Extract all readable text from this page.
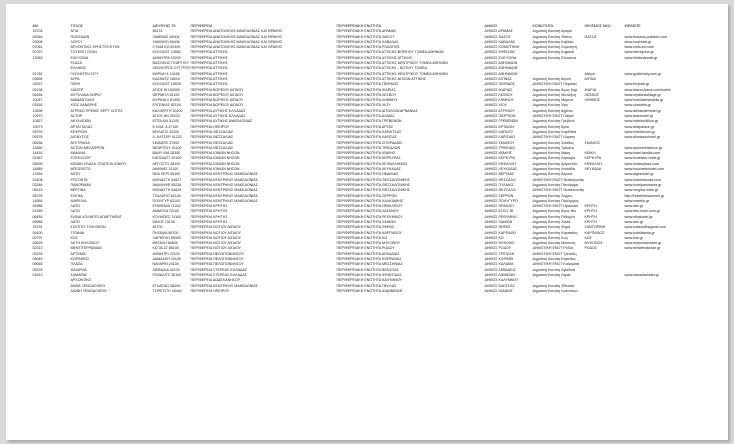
ΑΜ	ΤΙΤΛΟΣ	ΔΙΕΥΘΥΝΣ ΤΚ	ΠΕΡΙΦΕΡΕΙΑ	ΠΕΡΙΦΕΡΕΙΑΚΗ ΕΝΟΤΗΤΑ	ΔΗΜΟΣ	ΚΟΙΝΟΤΗΤΑ	ΟΙΚΙΣΜΟΣ ΝΚΟ	WEBSITE
15704	ΑΓΙΑ	66131	ΠΕΡΙΦΕΡΕΙΑ ΑΝΑΤΟΛΙΚΗΣ ΜΑΚΕΔΟΝΙΑΣ ΚΑΙ ΘΡΑΚΗΣ	ΠΕΡΙΦΕΡΕΙΑΚΗ ΕΝΟΤΗΤΑ ΔΡΑΜΑΣ	ΔΗΜΟΣ ΔΡΑΜΑΣ	Δημοτική Κοινότη Δράμα		
05346	ΠΟΣΕΙΔΩΝ	ΛΙΜΕΝΑΣ 64004	ΠΕΡΙΦΕΡΕΙΑ ΑΝΑΤΟΛΙΚΗΣ ΜΑΚΕΔΟΝΙΑΣ ΚΑΙ ΘΡΑΚΗΣ	ΠΕΡΙΦΕΡΕΙΑΚΗ ΕΝΟΤΗΤΑ ΘΑΣΟΥ	ΔΗΜΟΣ ΘΑΣΟΥ	Δημοτική Κοινότη Θάσος	ΘΑΣΟΣ	www.thassos-posidon.com
03908	ΛΟΥΣΥ	ΥΑΚΙΝΘΟ 65406	ΠΕΡΙΦΕΡΕΙΑ ΑΝΑΤΟΛΙΚΗΣ ΜΑΚΕΔΟΝΙΑΣ ΚΑΙ ΘΡΑΚΗΣ	ΠΕΡΙΦΕΡΕΙΑΚΗ ΕΝΟΤΗΤΑ ΚΑΒΑΛΑΣ	ΔΗΜΟΣ ΚΑΒΑΛΑΣ	Δημοτική Κοινότη Καβάλα		www.lucyhotel.gr
07081	ΑΡΧΟΝΤΙΚΟ ΧΡΗΣΤΟΥ-ΕΥΗΣ	3 ΧΛΜ ΚΟ 69100	ΠΕΡΙΦΕΡΕΙΑ ΑΝΑΤΟΛΙΚΗΣ ΜΑΚΕΔΟΝΙΑΣ ΚΑΙ ΘΡΑΚΗΣ	ΠΕΡΙΦΕΡΕΙΑΚΗ ΕΝΟΤΗΤΑ ΡΟΔΟΠΗΣ	ΔΗΜΟΣ ΚΟΜΟΤΗΝΗ	Δημοτική Κοινότη Κομοτηνή		www.chris-evi.com
00767	ΤΟΥΕΝΤΙ ΟΥΑΝ	ΚΟΛΟΚΟΤ 14562	ΠΕΡΙΦΕΡΕΙΑ ΑΤΤΙΚΗΣ	ΠΕΡΙΦΕΡΕΙΑΚΗ ΕΝΟΤΗΤΑ ΑΤΤΙΚΗΣ-ΒΟΡΕΙΟΥ ΤΟΜΕΑ ΑΘΗΝΩΝ	ΔΗΜΟΣ ΚΗΦΙΣΙΑΣ	Δημοτική Κοινότη Κηφισιά		www.twentyone.gr
13963	ΕΛΕΥΣΙΝΑ	ΔΗΜΗΤΡΑ 19200	ΠΕΡΙΦΕΡΕΙΑ ΑΤΤΙΚΗΣ	ΠΕΡΙΦΕΡΕΙΑΚΗ ΕΝΟΤΗΤΑ ΔΥΤΙΚΗΣ ΑΤΤΙΚΗΣ	ΔΗΜΟΣ ΕΛΕΥΣΙΝΑ	Δημοτική Κοινότη Ελευσίνα		www.elefsinahotel.gr
	PLAZA	ΒΑΣΙΛΕΩΣ ΓΕΩΡΓΙΟΥ	ΠΕΡΙΦΕΡΕΙΑ ΑΤΤΙΚΗΣ	ΠΕΡΙΦΕΡΕΙΑΚΗ ΕΝΟΤΗΤΑ ΑΤΤΙΚΗΣ-ΚΕΝΤΡΙΚΟΥ ΤΟΜΕΑ ΑΘΗΝΩΝ	ΔΗΜΟΣ ΑΘΗΝΑΙΩΝ			
	ΕΛΛΗΝΙΣ	ΛΕΩΦΟΡΟΣ ΣΥΓΓΡΟΥ	ΠΕΡΙΦΕΡΕΙΑ ΑΤΤΙΚΗΣ	ΠΕΡΙΦΕΡΕΙΑΚΗ ΕΝΟΤΗΤΑ ΑΤΤΙΚΗΣ - ΝΟΤΙΟΥ ΤΟΜΕΑ	ΔΗΜΟΣ ΑΘΗΝΑΙΩΝ			
01782	ΓΚΟΛΝΤΕΝ ΣΙΤΥ	ΜΑΡΝΗ 4 10438	ΠΕΡΙΦΕΡΕΙΑ ΑΤΤΙΚΗΣ	ΠΕΡΙΦΕΡΕΙΑΚΗ ΕΝΟΤΗΤΑ ΑΤΤΙΚΗΣ-ΚΕΝΤΡΙΚΟΥ ΤΟΜΕΑ ΑΘΗΝΩΝ	ΔΗΜΟΣ ΑΘΗΝΑΙΩΝ		Αθήνα	www.goldencity.com.gr
03694	ΑΥΡΑ	ΚΑΖΑΝΤΖ 18010	ΠΕΡΙΦΕΡΕΙΑ ΑΤΤΙΚΗΣ	ΠΕΡΙΦΕΡΕΙΑΚΗ ΕΝΟΤΗΤΑ ΑΤΤΙΚΗΣ-ΝΗΣΩΝ ΑΤΤΙΚΗΣ	ΔΗΜΟΣ ΑΙΓΙΝΑΣ	Δημοτική Κοινότη Αίγινα	ΑΙΓΙΝΑ	
03927	ΠΑΡΚ	ΚΟΛΟΚΟΤ 18535	ΠΕΡΙΦΕΡΕΙΑ ΑΤΤΙΚΗΣ	ΠΕΡΙΦΕΡΕΙΑΚΗ ΕΝΟΤΗΤΑ ΠΕΙΡΑΙΩΣ	ΔΗΜΟΣ ΠΕΙΡΑΙΩΣ	ΔΗΜΟΤΙΚΗ ΕΝΟΤ Πειραιάς		www.thepark.gr
09138	ΧΑΙΖΕΡ	ΑΓΙΟΣ ΚΗ 83300	ΠΕΡΙΦΕΡΕΙΑ ΒΟΡΕΙΟΥ ΑΙΓΑΙΟΥ	ΠΕΡΙΦΕΡΕΙΑΚΗ ΕΝΟΤΗΤΑ ΙΚΑΡΙΑΣ	ΔΗΜΟΣ ΙΚΑΡΙΑΣ	Δημοτική Κοινότη Άγιος Κηρ	ΙΚΑΡΙΑ	www.island-ikaria.com/hotels
06184	ΜΥΤΙΛΑΝΑ ΧΩΡΙΟ	ΘΕΡΜΗ Λ 81100	ΠΕΡΙΦΕΡΕΙΑ ΒΟΡΕΙΟΥ ΑΙΓΑΙΟΥ	ΠΕΡΙΦΕΡΕΙΑΚΗ ΕΝΟΤΗΤΑ ΛΕΣΒΟΥ	ΔΗΜΟΣ ΛΕΣΒΟΥ	Δημοτική Κοινότη Μυτιλήνη	ΛΕΣΒΟΣ	www.mytilanavillage.gr
10047	ΔΙΑΜΑΝΤΙΔΗΣ	ΜΥΡΙΝΑ Λ 81400	ΠΕΡΙΦΕΡΕΙΑ ΒΟΡΕΙΟΥ ΑΙΓΑΙΟΥ	ΠΕΡΙΦΕΡΕΙΑΚΗ ΕΝΟΤΗΤΑ ΛΗΜΝΟΥ	ΔΗΜΟΣ ΛΗΜΝΟΥ	Δημοτική Κοινότη Μύρινα	ΛΗΜΝΟΣ	www.hoteldiamantidis.gr
03155	ΧΙΟΣ ΧΑΝΔΡΗΣ	ΕΥΓΕΝΙΑΣ 82100	ΠΕΡΙΦΕΡΕΙΑ ΒΟΡΕΙΟΥ ΑΙΓΑΙΟΥ	ΠΕΡΙΦΕΡΕΙΑΚΗ ΕΝΟΤΗΤΑ ΧΙΟΥ	ΔΗΜΟΣ ΧΙΟΥ	Δημοτική Κοινότη Χίος		www.chandris.gr
13596	ΑΓΡΙΝΙΟ ΠΡΕΜΙΣ ΧΕΡΤ ΧΟΤΕΛ	ΚΑΛΛΕΡΓΗ 30100	ΠΕΡΙΦΕΡΕΙΑ ΔΥΤΙΚΗΣ ΕΛΛΑΔΑΣ	ΠΕΡΙΦΕΡΕΙΑΚΗ ΕΝΟΤΗΤΑ ΑΙΤΩΛΟΑΚΑΡΝΑΝΙΑΣ	ΔΗΜΟΣ ΑΓΡΙΝΙΟΥ	Δημοτική Κοινότη Αγρίνιο		www.alexanderhotel.gr
10970	ΑΣΤΗΡ	ΑΓΙΟΥ ΑΝ 26223	ΠΕΡΙΦΕΡΕΙΑ ΔΥΤΙΚΗΣ ΕΛΛΑΔΑΣ	ΠΕΡΙΦΕΡΕΙΑΚΗ ΕΝΟΤΗΤΑ ΑΧΑΪΑΣ	ΔΗΜΟΣ ΠΑΤΡΕΩΝ	ΔΗΜΟΤΙΚΗ ΕΝΟΤ Πάτρα		www.asterhotel.gr
10827	ΑΚΥΛΛΕΙΩΝ	ΕΠΤΑ ΑΛΙ 51100	ΠΕΡΙΦΕΡΕΙΑ ΔΥΤΙΚΗΣ ΜΑΚΕΔΟΝΙΑΣ	ΠΕΡΙΦΕΡΕΙΑΚΗ ΕΝΟΤΗΤΑ ΓΡΕΒΕΝΩΝ	ΔΗΜΟΣ ΓΡΕΒΕΝΩΝ	Δημοτική Κοινότη Γρεβενά		www.hotelachillion.gr
13073	ΑΡΤΑ ΠΑΛΑΣ	5 ΧΛΜ. Α 47100	ΠΕΡΙΦΕΡΕΙΑ ΗΠΕΙΡΟΥ	ΠΕΡΙΦΕΡΕΙΑΚΗ ΕΝΟΤΗΤΑ ΑΡΤΑΣ	ΔΗΜΟΣ ΑΡΤΑΙΩΝ	Δημοτική Κοινότη Άρτα		www.artapalace.gr
09799	ΚΕΦΡΙΟΝ	ΜΠΛΑΤΣΙ 43100	ΠΕΡΙΦΕΡΕΙΑ ΘΕΣΣΑΛΙΑΣ	ΠΕΡΙΦΕΡΕΙΑΚΗ ΕΝΟΤΗΤΑ ΚΑΡΔΙΤΣΑΣ	ΔΗΜΟΣ ΚΑΡΔΙΤΣ	Δημοτική Κοινότη Καρδίτσα		www.hotelkerion.gr
09378	ΔΙΟΝΥΣΟΣ	Λ. ΚΑΤΣΕΡ 41223	ΠΕΡΙΦΕΡΕΙΑ ΘΕΣΣΑΛΙΑΣ	ΠΕΡΙΦΕΡΕΙΑΚΗ ΕΝΟΤΗΤΑ ΛΑΡΙΣΑΣ	ΔΗΜΟΣ ΛΑΡΙΣΑΙΩ	ΔΗΜΟΤΙΚΗ ΕΝΟΤ Λάρισα		www.dionissoshotel.gr
06256	ΑΥΣΤΡΑΛΙΑ	ΣΚΙΑΘΟΣ 37002	ΠΕΡΙΦΕΡΕΙΑ ΘΕΣΣΑΛΙΑΣ	ΠΕΡΙΦΕΡΕΙΑΚΗ ΕΝΟΤΗΤΑ ΣΠΟΡΑΔΩΝ	ΔΗΜΟΣ ΣΚΙΑΘΟΥ	Δημοτική Κοινότη Σκιάθος	ΣΚΙΑΘΟΣ	
12660	ΑΣΤΟΝ ΜΕΛΑΦΡΟΝ	ΝΕΩΡΓΙΟΥ 42100	ΠΕΡΙΦΕΡΕΙΑ ΘΕΣΣΑΛΙΑΣ	ΠΕΡΙΦΕΡΕΙΑΚΗ ΕΝΟΤΗΤΑ ΤΡΙΚΑΛΩΝ	ΔΗΜΟΣ ΤΡΙΚΚΑΙΩ	Δημοτική Κοινότη Τρίκαλα		www.astonmelathron.gr
14416	ΦΑΜΙΛΙΑ	ΒΑΘΥ ΙΘΑ 28300	ΠΕΡΙΦΕΡΕΙΑ ΙΟΝΙΩΝ ΝΗΣΩΝ	ΠΕΡΙΦΕΡΕΙΑΚΗ ΕΝΟΤΗΤΑ ΙΘΑΚΗΣ	ΔΗΜΟΣ ΙΘΑΚΗΣ	Δημοτική Κοινότη Ιθάκη	ΙΘΑΚΗ	www.hotel-familia.com
02387	ΕΞΚΕΛΣΙΟΡ	ΚΑΠΟΔΙΣΤ 49100	ΠΕΡΙΦΕΡΕΙΑ ΙΟΝΙΩΝ ΝΗΣΩΝ	ΠΕΡΙΦΕΡΕΙΑΚΗ ΕΝΟΤΗΤΑ ΚΕΡΚΥΡΑΣ	ΔΗΜΟΣ ΚΕΡΚΥΡΑ	Δημοτική Κοινότη Κέρκυρα	ΚΕΡΚΥΡΑ	www.excelsior-hotel.gr
05535	ΙΟΝΙΑΝ ΠΛΑΖΑ -ΠΛΑΤΕΙΑ ΙΟΝΙΟΥ	ΑΡΓΟΣΤΟ 28100	ΠΕΡΙΦΕΡΕΙΑ ΙΟΝΙΩΝ ΝΗΣΩΝ	ΠΕΡΙΦΕΡΕΙΑΚΗ ΕΝΟΤΗΤΑ ΚΕΦΑΛΛΗΝΙΑΣ	ΔΗΜΟΣ ΚΕΦΑΛΛΗ	Δημοτική Κοινότη Αργοστόλι	ΚΕΦΑΛΛΗ	www.ionianplaza.com
14889	ΜΠΟΣΚΕΤΟ	ΔΑΦΝΗΣ 31100	ΠΕΡΙΦΕΡΕΙΑ ΙΟΝΙΩΝ ΝΗΣΩΝ	ΠΕΡΙΦΕΡΕΙΑΚΗ ΕΝΟΤΗΤΑ ΛΕΥΚΑΔΑΣ	ΔΗΜΟΣ ΛΕΥΚΑΔΑΣ	Δημοτική Κοινότη Λευκάδα	ΛΕΥΚΑΔΑ	www.boschettohotel.com
12364	ΑΙΓΕΣ	ΝΕΑ ΠΕΡΙ 59100	ΠΕΡΙΦΕΡΕΙΑ ΚΕΝΤΡΙΚΗΣ ΜΑΚΕΔΟΝΙΑΣ	ΠΕΡΙΦΕΡΕΙΑΚΗ ΕΝΟΤΗΤΑ ΗΜΑΘΙΑΣ	ΔΗΜΟΣ ΒΕΡΟΙΑΣ	Δημοτική Κοινότη Βέροια		www.aigeshotel.gr
02408	ΡΟΤΟΝΤΑ	ΜΟΝΑΣΤΗ 54627	ΠΕΡΙΦΕΡΕΙΑ ΚΕΝΤΡΙΚΗΣ ΜΑΚΕΔΟΝΙΑΣ	ΠΕΡΙΦΕΡΕΙΑΚΗ ΕΝΟΤΗΤΑ ΘΕΣΣΑΛΟΝΙΚΗΣ	ΔΗΜΟΣ ΘΕΣΣΑΛΟ	ΔΗΜΟΤΙΚΗ ΕΝΟΤ Θεσσαλονίκη		www.hotelrotonda.com
03384	ΠΑΝΟΡΑΜΑ	ΑΝΑΛΗΨΕ 55236	ΠΕΡΙΦΕΡΕΙΑ ΚΕΝΤΡΙΚΗΣ ΜΑΚΕΔΟΝΙΑΣ	ΠΕΡΙΦΕΡΕΙΑΚΗ ΕΝΟΤΗΤΑ ΘΕΣΣΑΛΟΝΙΚΗΣ	ΔΗΜΟΣ ΠΥΛΑΙΑΣ	Δημοτική Κοινότη Πανόραμα		www.hotelpanorama.gr
05419	ΒΕΡΓΙΝΑ	ΜΟΝΑΣΤΗ 54629	ΠΕΡΙΦΕΡΕΙΑ ΚΕΝΤΡΙΚΗΣ ΜΑΚΕΔΟΝΙΑΣ	ΠΕΡΙΦΕΡΕΙΑΚΗ ΕΝΟΤΗΤΑ ΘΕΣΣΑΛΟΝΙΚΗΣ	ΔΗΜΟΣ ΘΕΣΣΑΛΟ	ΔΗΜΟΤΙΚΗ ΕΝΟΤ Θεσσαλονίκη		www.vergina-hotel.gr
05725	ΕΛΕΝΑ	ΤΣΑΛΟΠΟ 62100	ΠΕΡΙΦΕΡΕΙΑ ΚΕΝΤΡΙΚΗΣ ΜΑΚΕΔΟΝΙΑΣ	ΠΕΡΙΦΕΡΕΙΑΚΗ ΕΝΟΤΗΤΑ ΣΕΡΡΩΝ	ΔΗΜΟΣ ΣΕΡΡΩΝ	Δημοτική Κοινότη Σέρρες		http://hotelelenaserres.gr
14564	ΜΑΡΕΛΙΑ	ΠΟΛΥΓΥΡ 63100	ΠΕΡΙΦΕΡΕΙΑ ΚΕΝΤΡΙΚΗΣ ΜΑΚΕΔΟΝΙΑΣ	ΠΕΡΙΦΕΡΕΙΑΚΗ ΕΝΟΤΗΤΑ ΧΑΛΚΙΔΙΚΗΣ	ΔΗΜΟΣ ΠΟΛΥΓΥΡΟ	Δημοτική Κοινότη Πολύγυρος		www.marelia.gr
04986	ΛΑΤΩ	ΕΠΙΜΕΝΙΔ 71202	ΠΕΡΙΦΕΡΕΙΑ ΚΡΗΤΗΣ	ΠΕΡΙΦΕΡΕΙΑΚΗ ΕΝΟΤΗΤΑ ΗΡΑΚΛΕΙΟΥ	ΔΗΜΟΣ ΗΡΑΚΛΕΙ	ΔΗΜΟΤΙΚΗ ΕΝΟΤ Ηράκλειο	ΚΡΗΤΗ	www.lato.gr
01360	ΛΑΤΩ	ΑΜΜΟΥΔ 72100	ΠΕΡΙΦΕΡΕΙΑ ΚΡΗΤΗΣ	ΠΕΡΙΦΕΡΕΙΑΚΗ ΕΝΟΤΗΤΑ ΛΑΣΙΘΙΟΥ	ΔΗΜΟΣ ΑΓΙΟΥ ΝΙ	Δημοτική Κοινότη Άγιος Νικ	ΚΡΗΤΗ	www.lato-hotel.com.gr
06454	ΕΛΙΝΑ ΧΟΛΙΝΤΕΪ ΑΠΑΡΤΜΕΝΤ	ΚΟΥΜΠΕΣ 74100	ΠΕΡΙΦΕΡΕΙΑ ΚΡΗΤΗΣ	ΠΕΡΙΦΕΡΕΙΑΚΗ ΕΝΟΤΗΤΑ ΡΕΘΥΜΝΟΥ	ΔΗΜΟΣ ΡΕΘΥΜΝΗ	Δημοτική Κοινότη Ρέθυμνο	ΚΡΗΤΗ	www.elinahotel.gr
06965	ΛΑΤΩ	ΙΩΝΟΣ 73136	ΠΕΡΙΦΕΡΕΙΑ ΚΡΗΤΗΣ	ΠΕΡΙΦΕΡΕΙΑΚΗ ΕΝΟΤΗΤΑ ΧΑΝΙΩΝ	ΔΗΜΟΣ ΧΑΝΙΩΝ	Δημοτική Κοινότη Χανιά	ΚΡΗΤΗ	www.lato.gr
15791	ΣΟΥΙΤΕΣ ΤΟΝ ΘΕΩΝ	84700	ΠΕΡΙΦΕΡΕΙΑ ΝΟΤΙΟΥ ΑΙΓΑΙΟΥ	ΠΕΡΙΦΕΡΕΙΑΚΗ ΕΝΟΤΗΤΑ ΘΗΡΑΣ	ΔΗΜΟΣ ΘΗΡΑΣ	Δημοτική Κοινότη Φηρά	ΣΑΝΤΟΡΙΝΗ	www.suitesofthegods.com
09100	ΤΙΤΑΝΙΑ	ΠΗΓΑΔΙΑ 85700	ΠΕΡΙΦΕΡΕΙΑ ΝΟΤΙΟΥ ΑΙΓΑΙΟΥ	ΠΕΡΙΦΕΡΕΙΑΚΗ ΕΝΟΤΗΤΑ ΚΑΡΠΑΘΟΥ	ΔΗΜΟΣ ΚΑΡΠΑΘΟ	Δημοτική Κοινότη Κάρπαθος	ΚΑΡΠΑΘΟΣ	www.hoteltitania.gr
02797	ΚΟΣ	ΧΑΡΜΥΛΗ 85300	ΠΕΡΙΦΕΡΕΙΑ ΝΟΤΙΟΥ ΑΙΓΑΙΟΥ	ΠΕΡΙΦΕΡΕΙΑΚΗ ΕΝΟΤΗΤΑ ΚΩ	ΔΗΜΟΣ ΚΩ	Δημοτική Κοινότη Κως	ΚΩΣ	www.kos.gr
03625	ΑΚΤΗ ΜΥΚΟΝΟΥ	ΜΕΓΑΛΗ 84600	ΠΕΡΙΦΕΡΕΙΑ ΝΟΤΙΟΥ ΑΙΓΑΙΟΥ	ΠΕΡΙΦΕΡΕΙΑΚΗ ΕΝΟΤΗΤΑ ΜΥΚΟΝΟΥ	ΔΗΜΟΣ ΜΥΚΟΝΟ	Δημοτική Κοινότη Μύκονος	ΜΥΚΟΝΟΣ	www.mykonosbeach.gr
02313	ΜΕΝΤΙΤΕΡΡΑΝΙΑΝ	ΚΩ 35-37 85100	ΠΕΡΙΦΕΡΕΙΑ ΝΟΤΙΟΥ ΑΙΓΑΙΟΥ	ΠΕΡΙΦΕΡΕΙΑΚΗ ΕΝΟΤΗΤΑ ΡΟΔΟΥ	ΔΗΜΟΣ ΡΟΔΟΥ	ΔΗΜΟΤΙΚΗ ΕΝΟΤ Ρόδος	ΡΟΔΟΣ	www.mediterranean.gr
03226	ΑΡΤΕΜΙΣ	ΔΗΜΗΤΡΙ 22100	ΠΕΡΙΦΕΡΕΙΑ ΠΕΛΟΠΟΝΝΗΣΟΥ	ΠΕΡΙΦΕΡΕΙΑΚΗ ΕΝΟΤΗΤΑ ΑΡΚΑΔΙΑΣ	ΔΗΜΟΣ ΤΡΙΠΟΛΗ	ΔΗΜΟΤΙΚΗ ΕΝΟΤ Τρίπολη		
05049	ΚΟΡΙΝΘΟΣ	ΔΑΜΑΣΚΗ 20100	ΠΕΡΙΦΕΡΕΙΑ ΠΕΛΟΠΟΝΝΗΣΟΥ	ΠΕΡΙΦΕΡΕΙΑΚΗ ΕΝΟΤΗΤΑ ΚΟΡΙΝΘΙΑΣ	ΔΗΜΟΣ ΚΟΡΙΝΘΙ	Δημοτική Κοινότη Κόρινθος		
09065	ΠΛΑΖΑ	ΝΑΥΑΡΙΝ 24100	ΠΕΡΙΦΕΡΕΙΑ ΠΕΛΟΠΟΝΝΗΣΟΥ	ΠΕΡΙΦΕΡΕΙΑΚΗ ΕΝΟΤΗΤΑ ΜΕΣΣΗΝΙΑΣ	ΔΗΜΟΣ ΚΑΛΑΜΑ	ΔΗΜΟΤΙΚΗ ΕΝΟΤ Καλαμάτα		
05378	ΦΑΙΔΡΙΑΣ	ΛΕΙΒΑΔΙΑ 32100	ΠΕΡΙΦΕΡΕΙΑ ΣΤΕΡΕΑΣ ΕΛΛΑΔΑΣ	ΠΕΡΙΦΕΡΕΙΑΚΗ ΕΝΟΤΗΤΑ ΒΟΙΩΤΙΑΣ	ΔΗΜΟΣ ΛΕΒΑΔΕΩ	Δημοτική Κοινότη Λιβαδειά		
01619	ΣΑΜΑΡΑΣ	ΡΟΖΑΛΙΤΣ 35100	ΠΕΡΙΦΕΡΕΙΑ ΣΤΕΡΕΑΣ ΕΛΛΑΔΑΣ	ΠΕΡΙΦΕΡΕΙΑΚΗ ΕΝΟΤΗΤΑ ΦΘΙΩΤΙΔΑΣ	ΔΗΜΟΣ ΛΑΜΙΕΩΝ	Δημοτική Κοινότη Λαμία		www.samarashotel.gr
	ΑΡΧΟΝΤΙΚΟ		ΠΕΡΙΦΕΡΕΙΑ ΔΩΔΕΚΑΝΗΣΟΥ	ΠΕΡΙΦΕΡΕΙΑΚΗ ΕΝΟΤΗΤΑ ΚΑΛΥΜΝΟΥ	ΔΗΜΟΣ ΚΑΛΥΜΝΟΥ			
	ΑΝΘΑ ΞΕΝΟΔΟΧΕΙΟ	ΕΓΝΑΤΙΑΣ 58200	ΠΕΡΙΦΕΡΕΙΑ ΚΕΝΤΡΙΚΗΣ ΜΑΚΕΔΟΝΙΑΣ	ΠΕΡΙΦΕΡΕΙΑΚΗ ΕΝΟΤΗΤΑ ΠΕΛΛΑΣ	ΔΗΜΟΣ ΕΔΕΣΣΑΣ	Δημοτική Κοινότη Έδεσσα		
	ΔΙΩΝΗ ΞΕΝΟΔΟΧΕΙΟ	ΤΣΙΡΙΓΩΤΗ 45444	ΠΕΡΙΦΕΡΕΙΑ ΗΠΕΙΡΟΥ	ΠΕΡΙΦΕΡΕΙΑΚΗ ΕΝΟΤΗΤΑ ΙΩΑΝΝΙΝΩΝ	ΔΗΜΟΣ ΙΩΑΝΝΙΤ	Δημοτική Κοινότη Ιωαννίνων		
